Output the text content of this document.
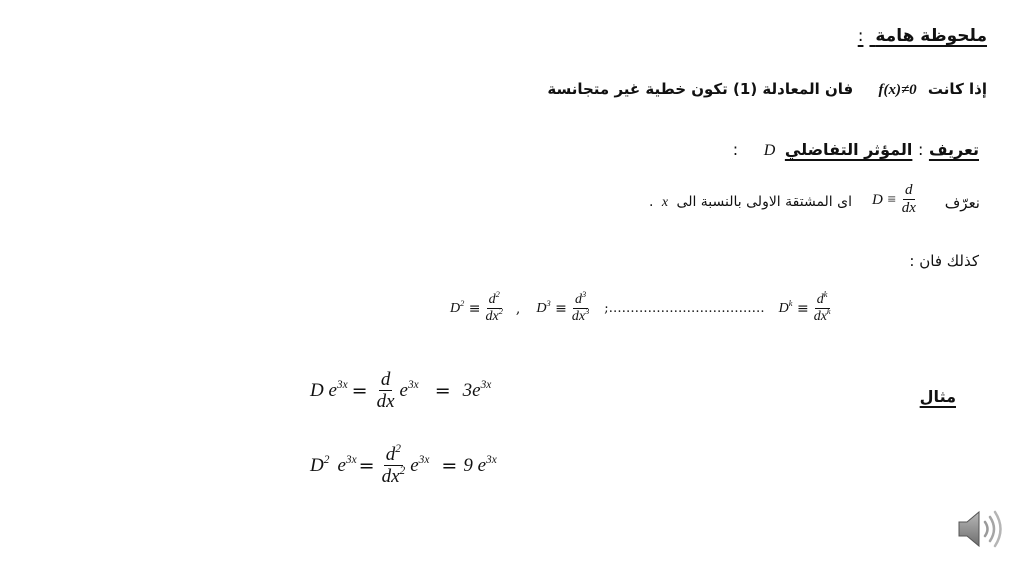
ملحوظة هامة :
إذا كانت f(x)≠0 فان المعادلة (1) تكون خطية غير متجانسة
تعريف : المؤثر التفاضلي D :
نعرّف
$D \equiv \frac{d}{dx}$
اى المشتقة الاولى بالنسبة الى x .
كذلك فان :
$D^2 \equiv \frac{d^2}{dx^2}$ , $D^3 \equiv \frac{d^3}{dx^3}$ ;……………………………… $D^k \equiv \frac{d^k}{dx^k}$
مثال
D $e^{3x} = \frac{d}{dx} e^{3x} = 3e^{3x}$
$D^2$ $e^{3x} = \frac{d^2}{dx^2} e^{3x} = 9$ $e^{3x}$
